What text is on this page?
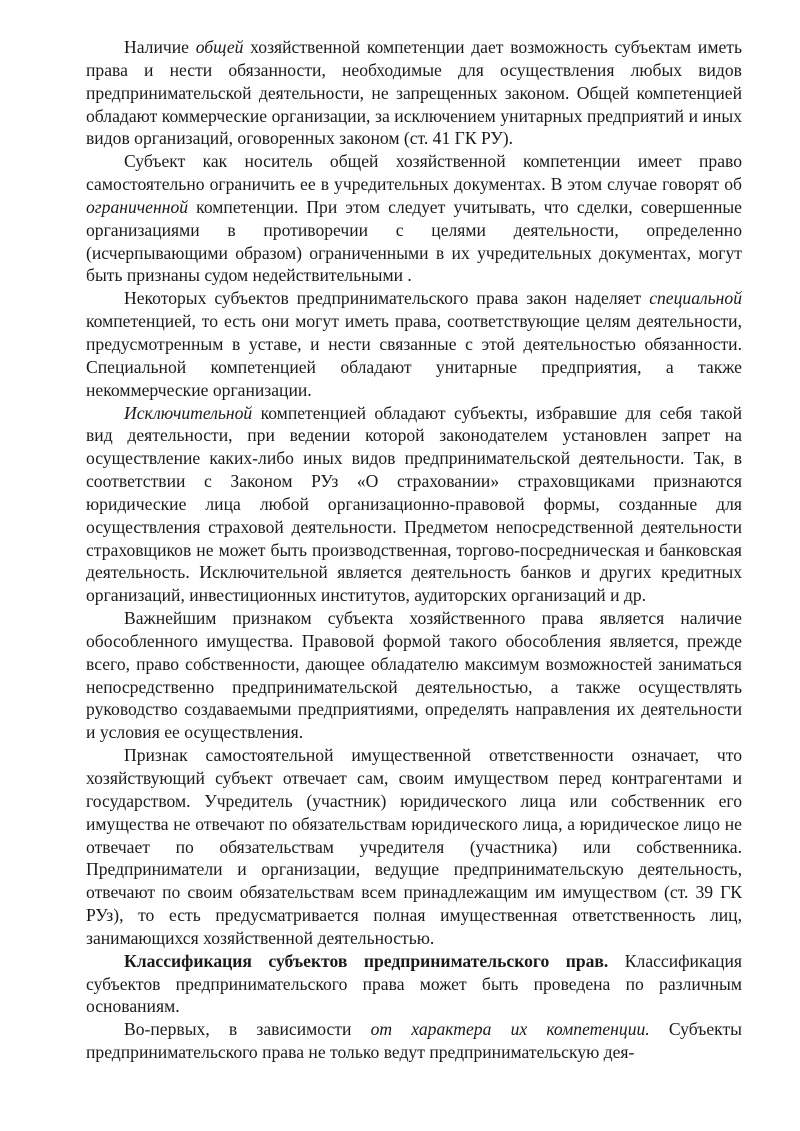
Наличие общей хозяйственной компетенции дает возможность субъектам иметь права и нести обязанности, необходимые для осуществления любых видов предпринимательской деятельности, не запрещенных законом. Общей компетенцией обладают коммерческие организации, за исключением унитарных предприятий и иных видов организаций, оговоренных законом (ст. 41 ГК РУ).

Субъект как носитель общей хозяйственной компетенции имеет право самостоятельно ограничить ее в учредительных документах. В этом случае говорят об ограниченной компетенции. При этом следует учитывать, что сделки, совершенные организациями в противоречии с целями деятельности, определенно (исчерпывающими образом) ограниченными в их учредительных документах, могут быть признаны судом недействительными .

Некоторых субъектов предпринимательского права закон наделяет специальной компетенцией, то есть они могут иметь права, соответствующие целям деятельности, предусмотренным в уставе, и нести связанные с этой деятельностью обязанности. Специальной компетенцией обладают унитарные предприятия, а также некоммерческие организации.

Исключительной компетенцией обладают субъекты, избравшие для себя такой вид деятельности, при ведении которой законодателем установлен запрет на осуществление каких-либо иных видов предпринимательской деятельности. Так, в соответствии с Законом РУз «О страховании» страховщиками признаются юридические лица любой организационно-правовой формы, созданные для осуществления страховой деятельности. Предметом непосредственной деятельности страховщиков не может быть производственная, торгово-посредническая и банковская деятельность. Исключительной является деятельность банков и других кредитных организаций, инвестиционных институтов, аудиторских организаций и др.

Важнейшим признаком субъекта хозяйственного права является наличие обособленного имущества. Правовой формой такого обособления является, прежде всего, право собственности, дающее обладателю максимум возможностей заниматься непосредственно предпринимательской деятельностью, а также осуществлять руководство создаваемыми предприятиями, определять направления их деятельности и условия ее осуществления.

Признак самостоятельной имущественной ответственности означает, что хозяйствующий субъект отвечает сам, своим имуществом перед контрагентами и государством. Учредитель (участник) юридического лица или собственник его имущества не отвечают по обязательствам юридического лица, а юридическое лицо не отвечает по обязательствам учредителя (участника) или собственника. Предприниматели и организации, ведущие предпринимательскую деятельность, отвечают по своим обязательствам всем принадлежащим им имуществом (ст. 39 ГК РУз), то есть предусматривается полная имущественная ответственность лиц, занимающихся хозяйственной деятельностью.

Классификация субъектов предпринимательского прав. Классификация субъектов предпринимательского права может быть проведена по различным основаниям.

Во-первых, в зависимости от характера их компетенции. Субъекты предпринимательского права не только ведут предпринимательскую дея-
